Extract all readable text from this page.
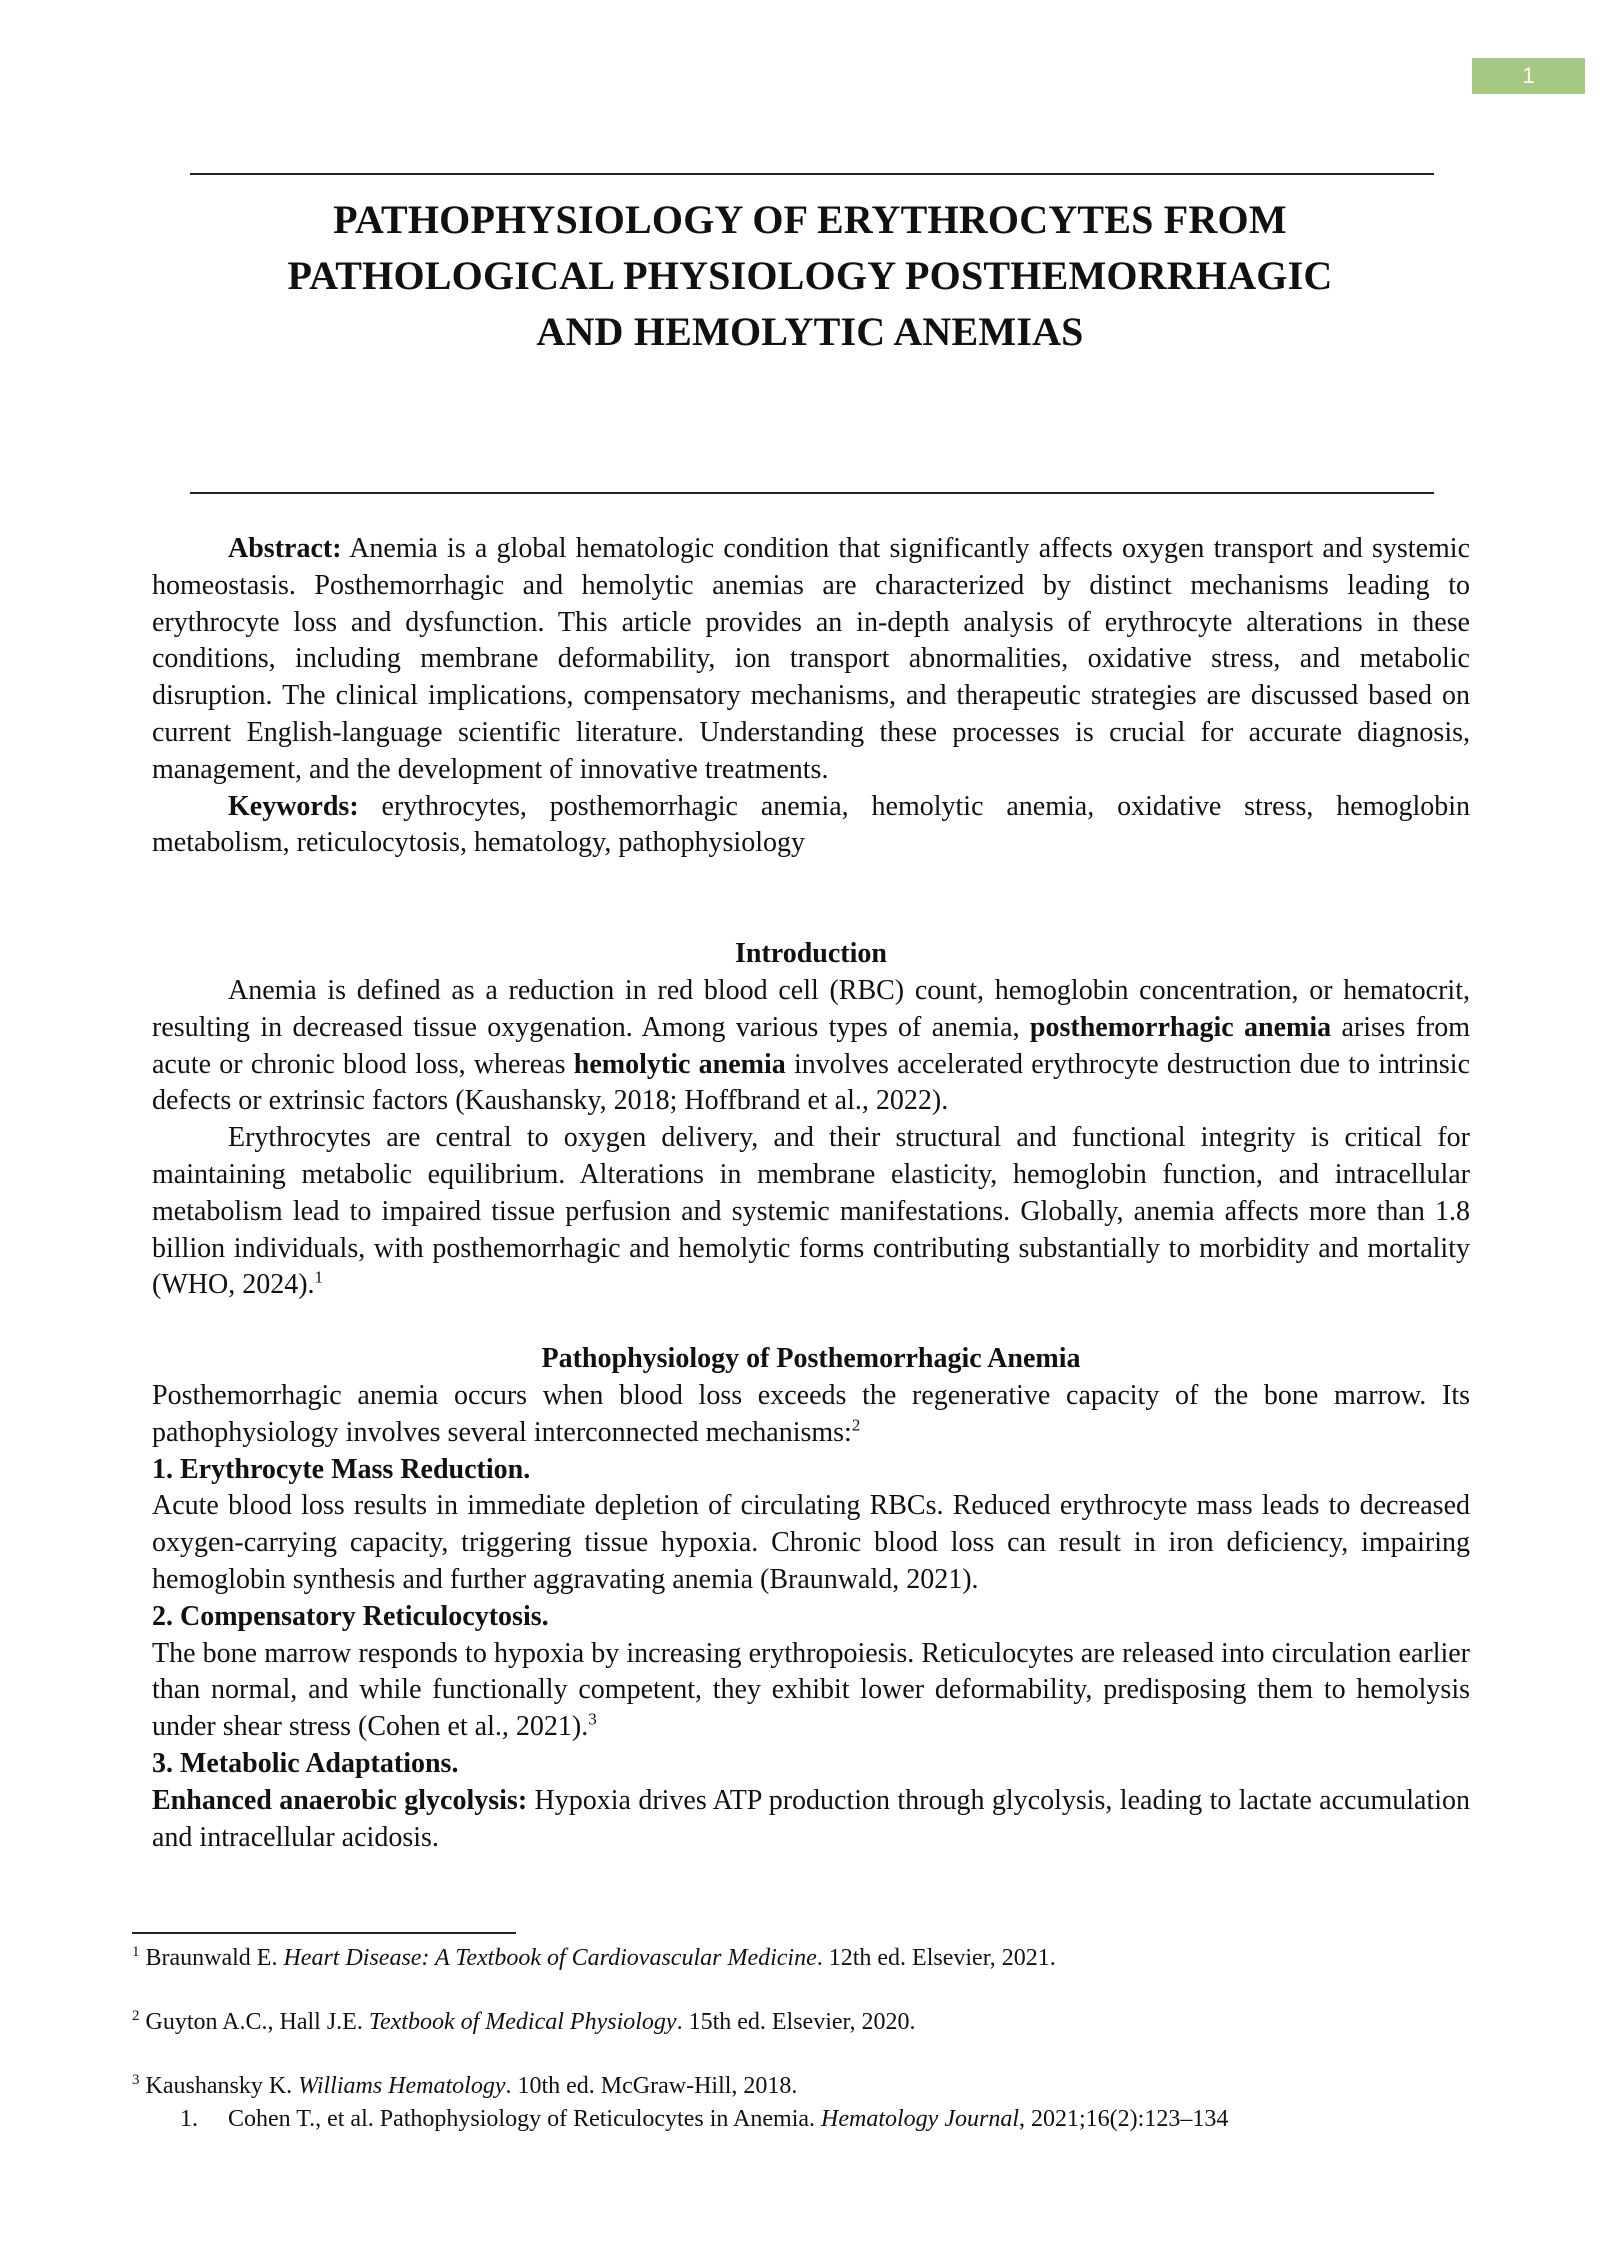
1
PATHOPHYSIOLOGY OF ERYTHROCYTES FROM
PATHOLOGICAL PHYSIOLOGY POSTHEMORRHAGIC
AND HEMOLYTIC ANEMIAS

Abstract: Anemia is a global hematologic condition that significantly affects oxygen transport and systemic homeostasis. Posthemorrhagic and hemolytic anemias are characterized by distinct mechanisms leading to erythrocyte loss and dysfunction. This article provides an in-depth analysis of erythrocyte alterations in these conditions, including membrane deformability, ion transport abnormalities, oxidative stress, and metabolic disruption. The clinical implications, compensatory mechanisms, and therapeutic strategies are discussed based on current English-language scientific literature. Understanding these processes is crucial for accurate diagnosis, management, and the development of innovative treatments.

Keywords: erythrocytes, posthemorrhagic anemia, hemolytic anemia, oxidative stress, hemoglobin metabolism, reticulocytosis, hematology, pathophysiology

Introduction

Anemia is defined as a reduction in red blood cell (RBC) count, hemoglobin concentration, or hematocrit, resulting in decreased tissue oxygenation. Among various types of anemia, posthemorrhagic anemia arises from acute or chronic blood loss, whereas hemolytic anemia involves accelerated erythrocyte destruction due to intrinsic defects or extrinsic factors (Kaushansky, 2018; Hoffbrand et al., 2022).

Erythrocytes are central to oxygen delivery, and their structural and functional integrity is critical for maintaining metabolic equilibrium. Alterations in membrane elasticity, hemoglobin function, and intracellular metabolism lead to impaired tissue perfusion and systemic manifestations. Globally, anemia affects more than 1.8 billion individuals, with posthemorrhagic and hemolytic forms contributing substantially to morbidity and mortality (WHO, 2024).$^1$

Pathophysiology of Posthemorrhagic Anemia

Posthemorrhagic anemia occurs when blood loss exceeds the regenerative capacity of the bone marrow. Its pathophysiology involves several interconnected mechanisms:$^2$

1. Erythrocyte Mass Reduction.

Acute blood loss results in immediate depletion of circulating RBCs. Reduced erythrocyte mass leads to decreased oxygen-carrying capacity, triggering tissue hypoxia. Chronic blood loss can result in iron deficiency, impairing hemoglobin synthesis and further aggravating anemia (Braunwald, 2021).

2. Compensatory Reticulocytosis.

The bone marrow responds to hypoxia by increasing erythropoiesis. Reticulocytes are released into circulation earlier than normal, and while functionally competent, they exhibit lower deformability, predisposing them to hemolysis under shear stress (Cohen et al., 2021).$^3$

3. Metabolic Adaptations.

Enhanced anaerobic glycolysis: Hypoxia drives ATP production through glycolysis, leading to lactate accumulation and intracellular acidosis.

$^1$ Braunwald E. Heart Disease: A Textbook of Cardiovascular Medicine. 12th ed. Elsevier, 2021.

$^2$ Guyton A.C., Hall J.E. Textbook of Medical Physiology. 15th ed. Elsevier, 2020.

$^3$ Kaushansky K. Williams Hematology. 10th ed. McGraw-Hill, 2018.

1. Cohen T., et al. Pathophysiology of Reticulocytes in Anemia. Hematology Journal, 2021;16(2):123–134
